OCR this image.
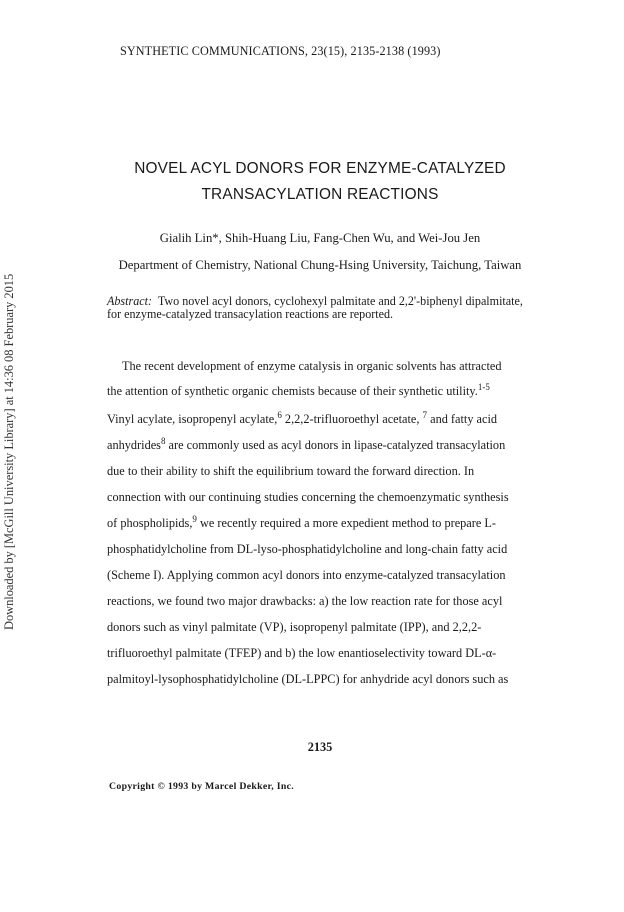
SYNTHETIC COMMUNICATIONS, 23(15), 2135-2138 (1993)
NOVEL ACYL DONORS FOR ENZYME-CATALYZED
TRANSACYLATION REACTIONS
Gialih Lin*, Shih-Huang Liu, Fang-Chen Wu, and Wei-Jou Jen
Department of Chemistry, National Chung-Hsing University, Taichung, Taiwan
Abstract: Two novel acyl donors, cyclohexyl palmitate and 2,2'-biphenyl dipalmitate, for enzyme-catalyzed transacylation reactions are reported.
The recent development of enzyme catalysis in organic solvents has attracted
the attention of synthetic organic chemists because of their synthetic utility.$^{1-5}$
Vinyl acylate, isopropenyl acylate,$^6$ 2,2,2-trifluoroethyl acetate, $^7$ and fatty acid
anhydrides$^8$ are commonly used as acyl donors in lipase-catalyzed transacylation
due to their ability to shift the equilibrium toward the forward direction. In
connection with our continuing studies concerning the chemoenzymatic synthesis
of phospholipids,$^9$ we recently required a more expedient method to prepare L-
phosphatidylcholine from DL-lyso-phosphatidylcholine and long-chain fatty acid
(Scheme I). Applying common acyl donors into enzyme-catalyzed transacylation
reactions, we found two major drawbacks: a) the low reaction rate for those acyl
donors such as vinyl palmitate (VP), isopropenyl palmitate (IPP), and 2,2,2-
trifluoroethyl palmitate (TFEP) and b) the low enantioselectivity toward DL-α-
palmitoyl-lysophosphatidylcholine (DL-LPPC) for anhydride acyl donors such as
2135
Copyright © 1993 by Marcel Dekker, Inc.
Downloaded by [McGill University Library] at 14:36 08 February 2015
